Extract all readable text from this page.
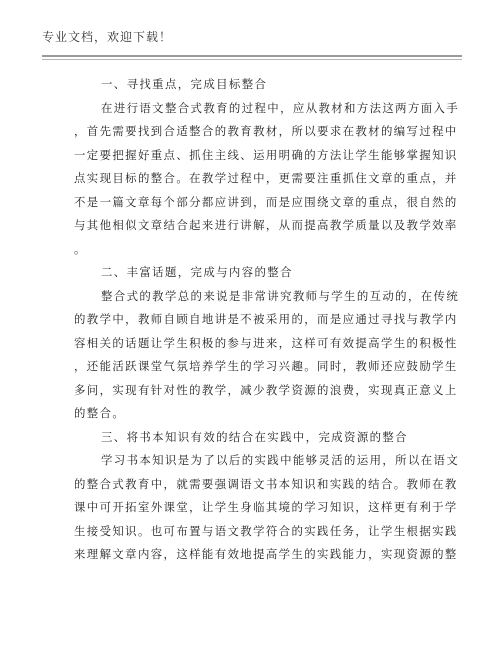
专业文档，欢迎下载！
一、寻找重点，完成目标整合
在进行语文整合式教育的过程中，应从教材和方法这两方面入手
，首先需要找到合适整合的教育教材，所以要求在教材的编写过程中
一定要把握好重点、抓住主线、运用明确的方法让学生能够掌握知识
点实现目标的整合。在教学过程中，更需要注重抓住文章的重点，并
不是一篇文章每个部分都应讲到，而是应围绕文章的重点，很自然的
与其他相似文章结合起来进行讲解，从而提高教学质量以及教学效率
。
二、丰富话题，完成与内容的整合
整合式的教学总的来说是非常讲究教师与学生的互动的，在传统
的教学中，教师自顾自地讲是不被采用的，而是应通过寻找与教学内
容相关的话题让学生积极的参与进来，这样可有效提高学生的积极性
，还能活跃课堂气氛培养学生的学习兴趣。同时，教师还应鼓励学生
多问，实现有针对性的教学，减少教学资源的浪费，实现真正意义上
的整合。
三、将书本知识有效的结合在实践中，完成资源的整合
学习书本知识是为了以后的实践中能够灵活的运用，所以在语文
的整合式教育中，就需要强调语文书本知识和实践的结合。教师在教
课中可开拓室外课堂，让学生身临其境的学习知识，这样更有利于学
生接受知识。也可布置与语文教学符合的实践任务，让学生根据实践
来理解文章内容，这样能有效地提高学生的实践能力，实现资源的整
